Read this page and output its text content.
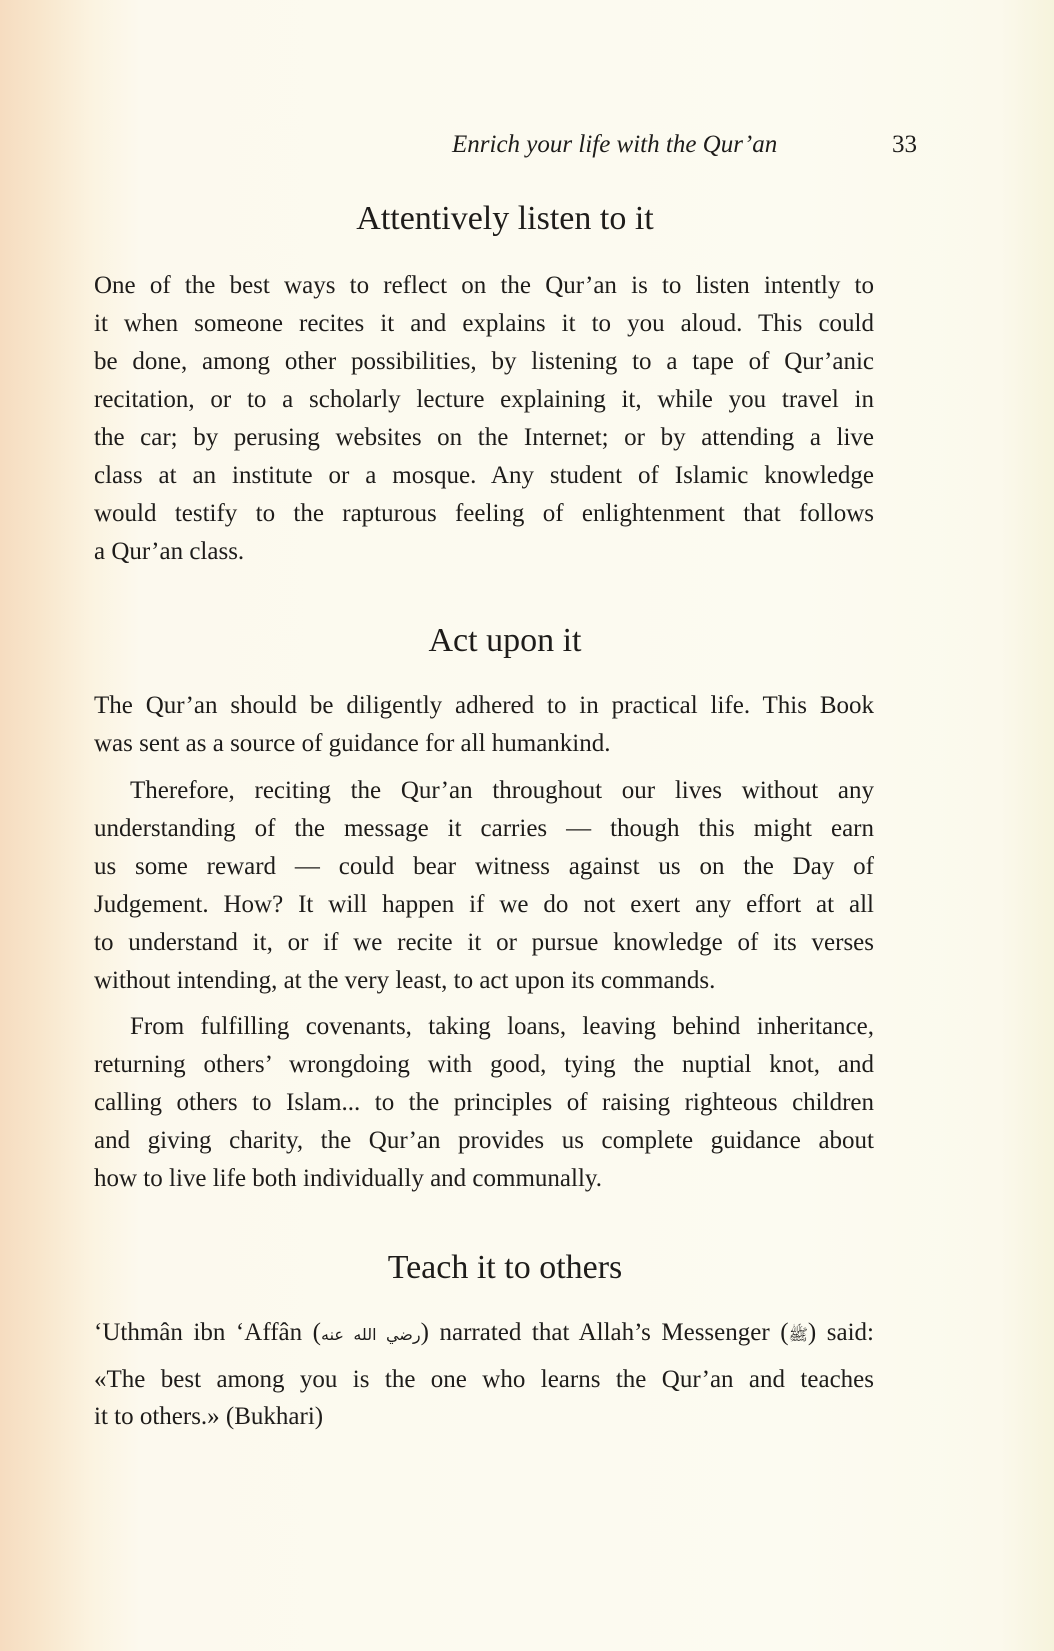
Enrich your life with the Qur’an	33
Attentively listen to it
One of the best ways to reflect on the Qur’an is to listen intently to
it when someone recites it and explains it to you aloud. This could
be done, among other possibilities, by listening to a tape of Qur’anic
recitation, or to a scholarly lecture explaining it, while you travel in
the car; by perusing websites on the Internet; or by attending a live
class at an institute or a mosque. Any student of Islamic knowledge
would testify to the rapturous feeling of enlightenment that follows
a Qur’an class.
Act upon it
The Qur’an should be diligently adhered to in practical life. This Book
was sent as a source of guidance for all humankind.
Therefore, reciting the Qur’an throughout our lives without any
understanding of the message it carries — though this might earn
us some reward — could bear witness against us on the Day of
Judgement. How? It will happen if we do not exert any effort at all
to understand it, or if we recite it or pursue knowledge of its verses
without intending, at the very least, to act upon its commands.
From fulfilling covenants, taking loans, leaving behind inheritance,
returning others’ wrongdoing with good, tying the nuptial knot, and
calling others to Islam... to the principles of raising righteous children
and giving charity, the Qur’an provides us complete guidance about
how to live life both individually and communally.
Teach it to others
‘Uthmân ibn ‘Affân (رضي الله عنه) narrated that Allah’s Messenger (ﷺ) said:
«The best among you is the one who learns the Qur’an and teaches
it to others.» (Bukhari)
